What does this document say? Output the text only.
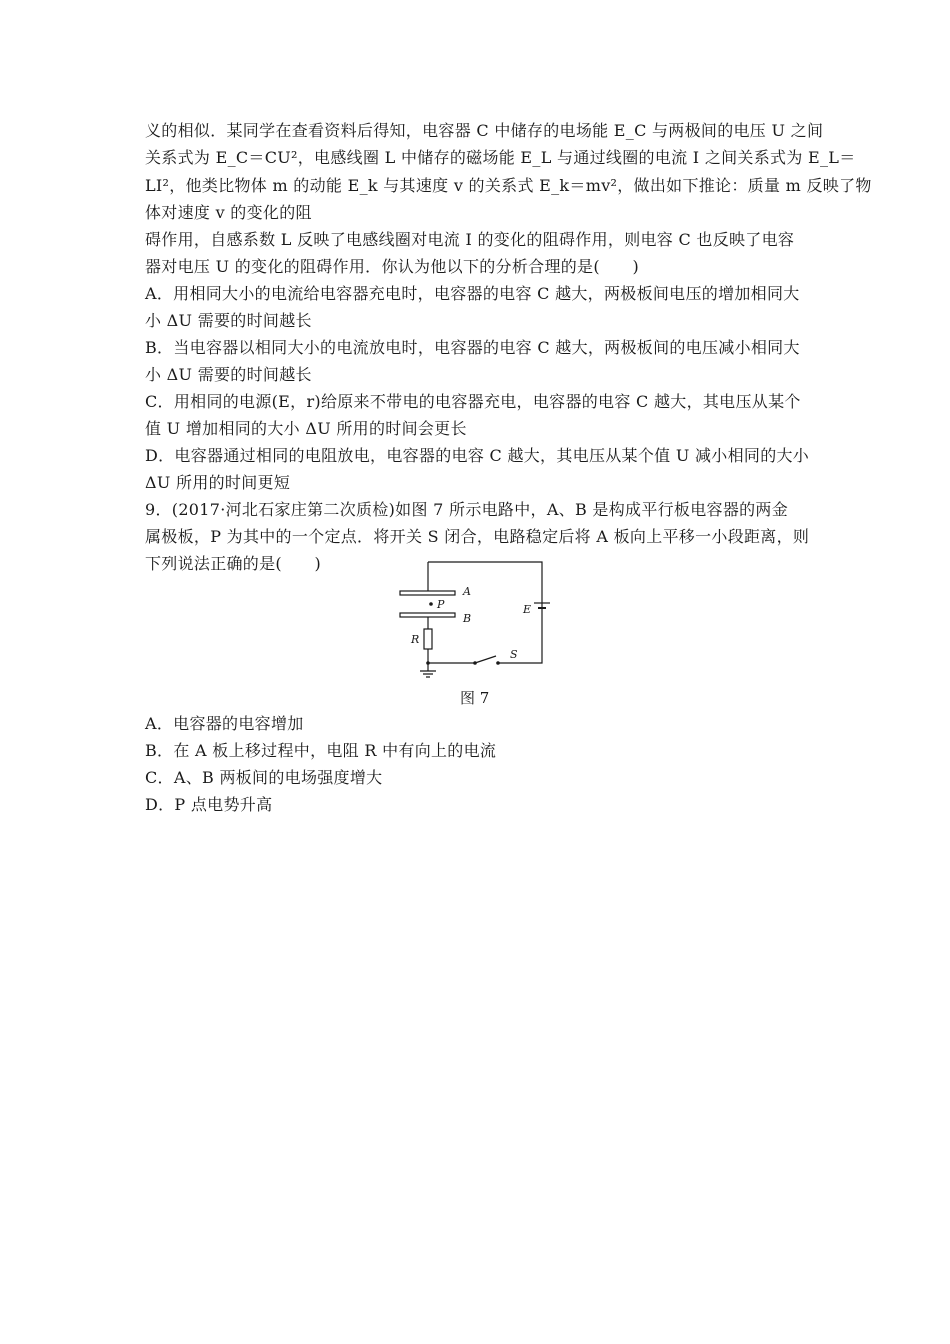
义的相似．某同学在查看资料后得知，电容器 C 中储存的电场能 E_C 与两极间的电压 U 之间
关系式为 E_C＝CU²，电感线圈 L 中储存的磁场能 E_L 与通过线圈的电流 I 之间关系式为 E_L＝
LI²，他类比物体 m 的动能 E_k 与其速度 v 的关系式 E_k＝mv²，做出如下推论：质量 m 反映了物
体对速度 v 的变化的阻
碍作用，自感系数 L 反映了电感线圈对电流 I 的变化的阻碍作用，则电容 C 也反映了电容
器对电压 U 的变化的阻碍作用．你认为他以下的分析合理的是(　　)
A．用相同大小的电流给电容器充电时，电容器的电容 C 越大，两极板间电压的增加相同大
小 ΔU 需要的时间越长
B．当电容器以相同大小的电流放电时，电容器的电容 C 越大，两极板间的电压减小相同大
小 ΔU 需要的时间越长
C．用相同的电源(E，r)给原来不带电的电容器充电，电容器的电容 C 越大，其电压从某个
值 U 增加相同的大小 ΔU 所用的时间会更长
D．电容器通过相同的电阻放电，电容器的电容 C 越大，其电压从某个值 U 减小相同的大小
ΔU 所用的时间更短
9．(2017·河北石家庄第二次质检)如图 7 所示电路中，A、B 是构成平行板电容器的两金
属极板，P 为其中的一个定点．将开关 S 闭合，电路稳定后将 A 板向上平移一小段距离，则
下列说法正确的是(　　)
A
P
B
E
R
S
图 7
A．电容器的电容增加
B．在 A 板上移过程中，电阻 R 中有向上的电流
C．A、B 两板间的电场强度增大
D．P 点电势升高
